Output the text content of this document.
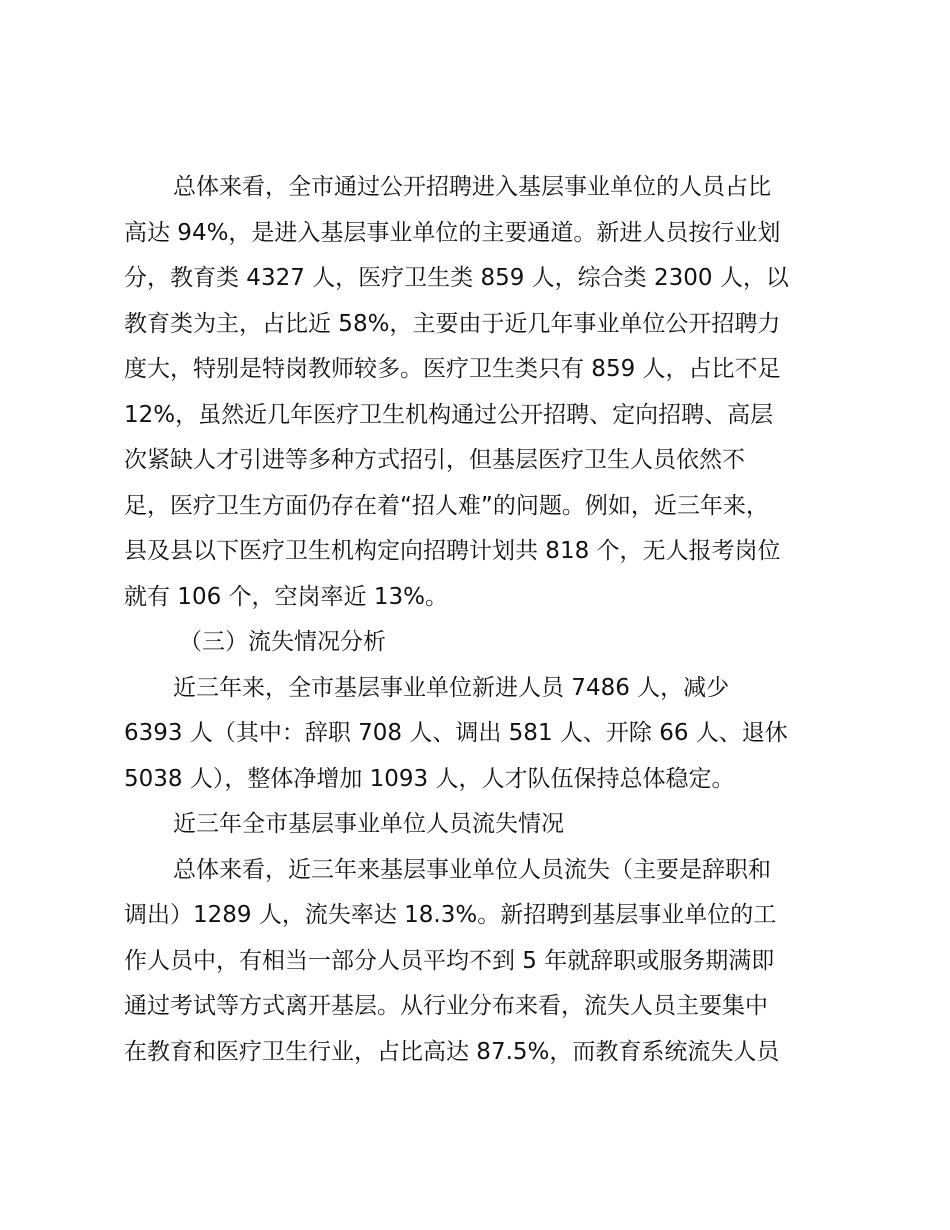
总体来看，全市通过公开招聘进入基层事业单位的人员占比
高达 94%，是进入基层事业单位的主要通道。新进人员按行业划
分，教育类 4327 人，医疗卫生类 859 人，综合类 2300 人，以
教育类为主，占比近 58%，主要由于近几年事业单位公开招聘力
度大，特别是特岗教师较多。医疗卫生类只有 859 人，占比不足
12%，虽然近几年医疗卫生机构通过公开招聘、定向招聘、高层
次紧缺人才引进等多种方式招引，但基层医疗卫生人员依然不
足，医疗卫生方面仍存在着“招人难”的问题。例如，近三年来，
县及县以下医疗卫生机构定向招聘计划共 818 个，无人报考岗位
就有 106 个，空岗率近 13%。
（三）流失情况分析
近三年来，全市基层事业单位新进人员 7486 人，减少
6393 人（其中：辞职 708 人、调出 581 人、开除 66 人、退休
5038 人），整体净增加 1093 人，人才队伍保持总体稳定。
近三年全市基层事业单位人员流失情况
总体来看，近三年来基层事业单位人员流失（主要是辞职和
调出）1289 人，流失率达 18.3%。新招聘到基层事业单位的工
作人员中，有相当一部分人员平均不到 5 年就辞职或服务期满即
通过考试等方式离开基层。从行业分布来看，流失人员主要集中
在教育和医疗卫生行业，占比高达 87.5%，而教育系统流失人员
